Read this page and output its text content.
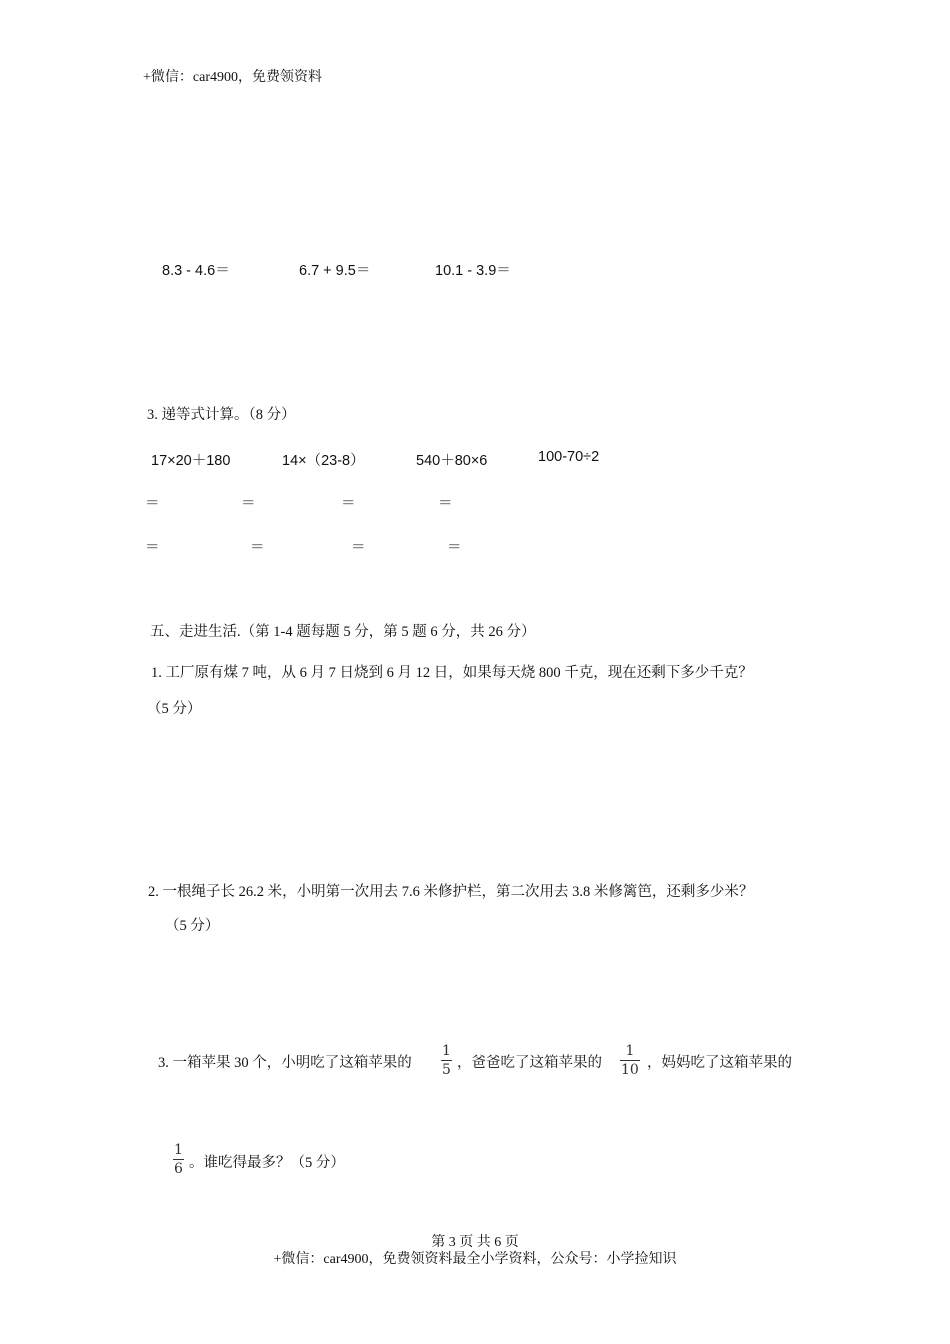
+微信：car4900，免费领资料
8.3 - 4.6＝	6.7 + 9.5＝	10.1 - 3.9＝
3. 递等式计算。（8 分）
17×20＋180	14×（23-8）	540＋80×6	100-70÷2
＝	＝	＝	＝
＝	＝	＝	＝
五、走进生活.（第 1-4 题每题 5 分，第 5 题 6 分，共 26 分）
1. 工厂原有煤 7 吨，从 6 月 7 日烧到 6 月 12 日，如果每天烧 800 千克，现在还剩下多少千克？
（5 分）
2. 一根绳子长 26.2 米，小明第一次用去 7.6 米修护栏，第二次用去 3.8 米修篱笆，还剩多少米？
（5 分）
3. 一箱苹果 30 个，小明吃了这箱苹果的
1
5 ，爸爸吃了这箱苹果的
1
10 ，妈妈吃了这箱苹果的
1
6 。谁吃得最多？（5 分）
第 3 页 共 6 页
+微信：car4900，免费领资料最全小学资料，公众号：小学捡知识
